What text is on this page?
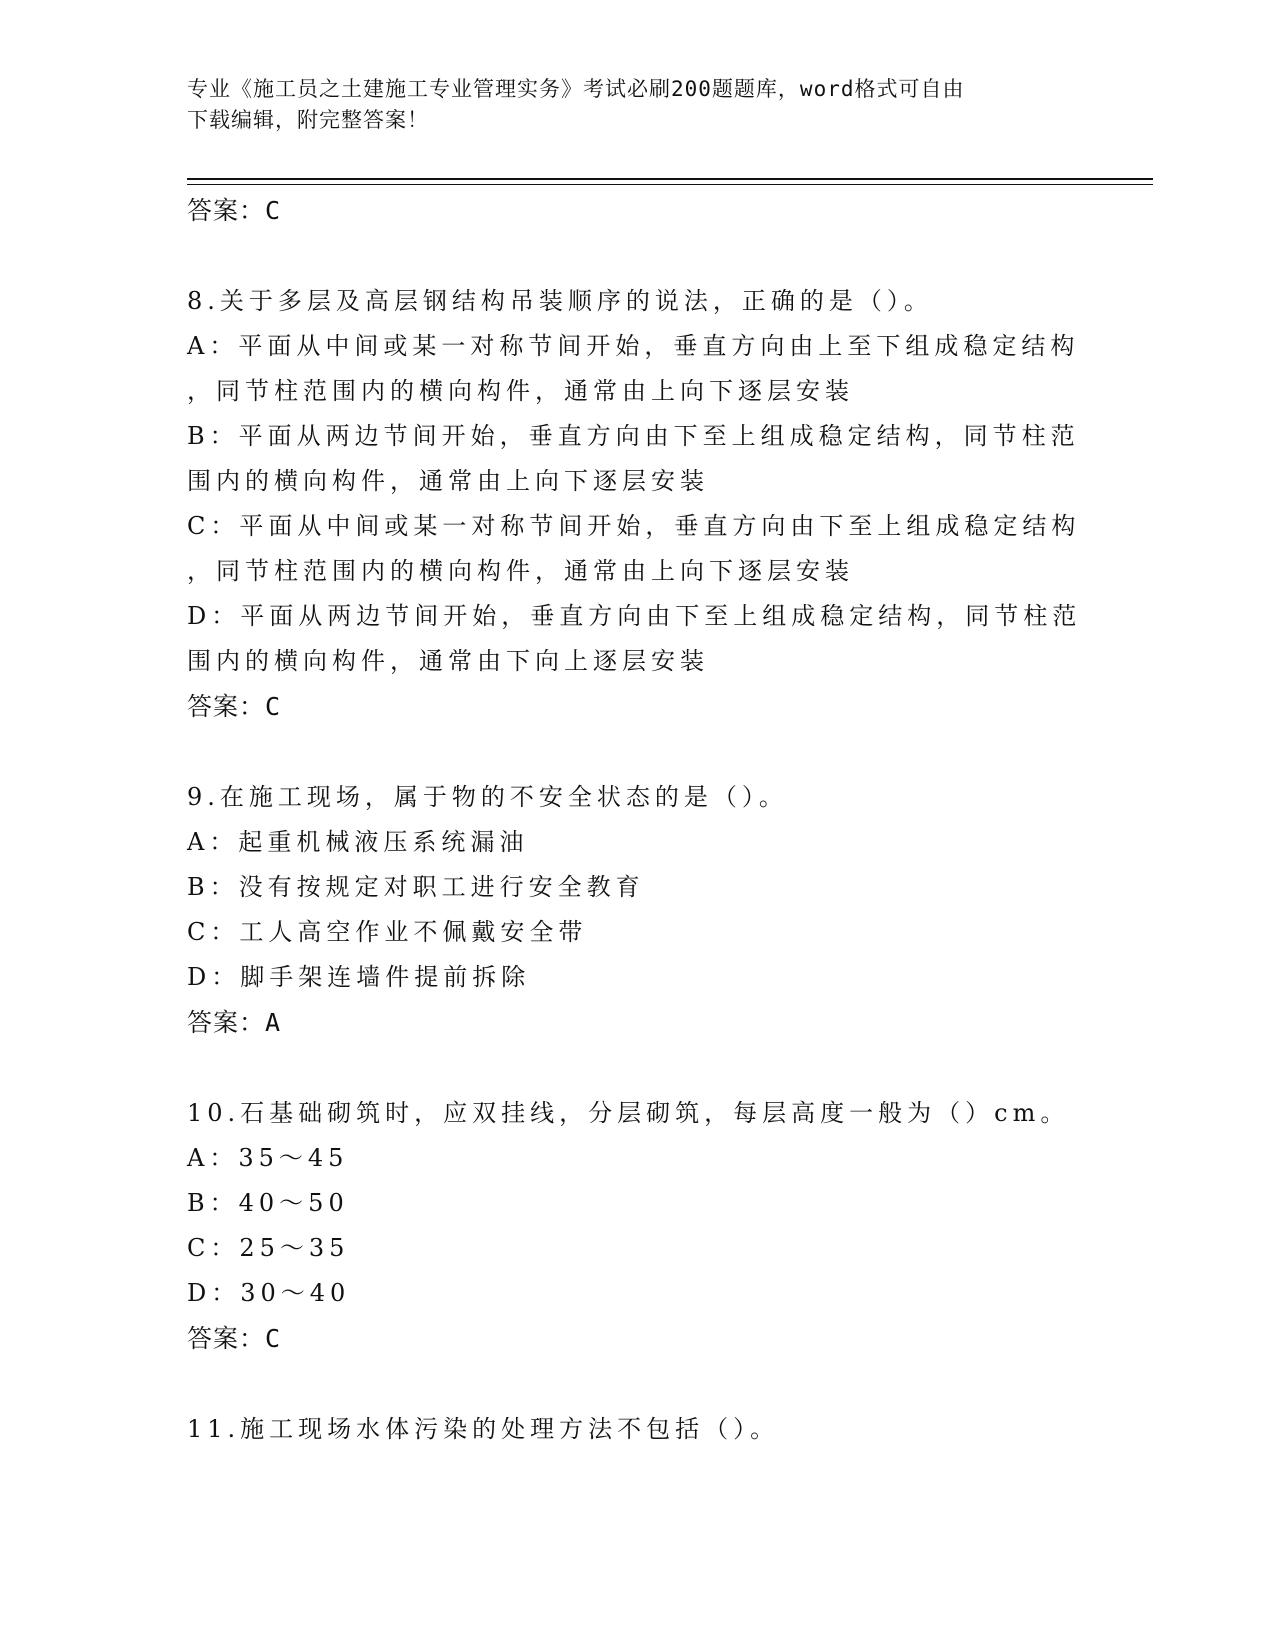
专业《施工员之土建施工专业管理实务》考试必刷200题题库，word格式可自由
下载编辑，附完整答案！

答案：C

8.关于多层及高层钢结构吊装顺序的说法，正确的是（）。

A：平面从中间或某一对称节间开始，垂直方向由上至下组成稳定结构
，同节柱范围内的横向构件，通常由上向下逐层安装
B：平面从两边节间开始，垂直方向由下至上组成稳定结构，同节柱范
围内的横向构件，通常由上向下逐层安装
C：平面从中间或某一对称节间开始，垂直方向由下至上组成稳定结构
，同节柱范围内的横向构件，通常由上向下逐层安装
D：平面从两边节间开始，垂直方向由下至上组成稳定结构，同节柱范
围内的横向构件，通常由下向上逐层安装

答案：C

9.在施工现场，属于物的不安全状态的是（）。

A：起重机械液压系统漏油

B：没有按规定对职工进行安全教育

C：工人高空作业不佩戴安全带

D：脚手架连墙件提前拆除

答案：A

10.石基础砌筑时，应双挂线，分层砌筑，每层高度一般为（）cm。

A：35～45

B：40～50

C：25～35

D：30～40

答案：C

11.施工现场水体污染的处理方法不包括（）。
